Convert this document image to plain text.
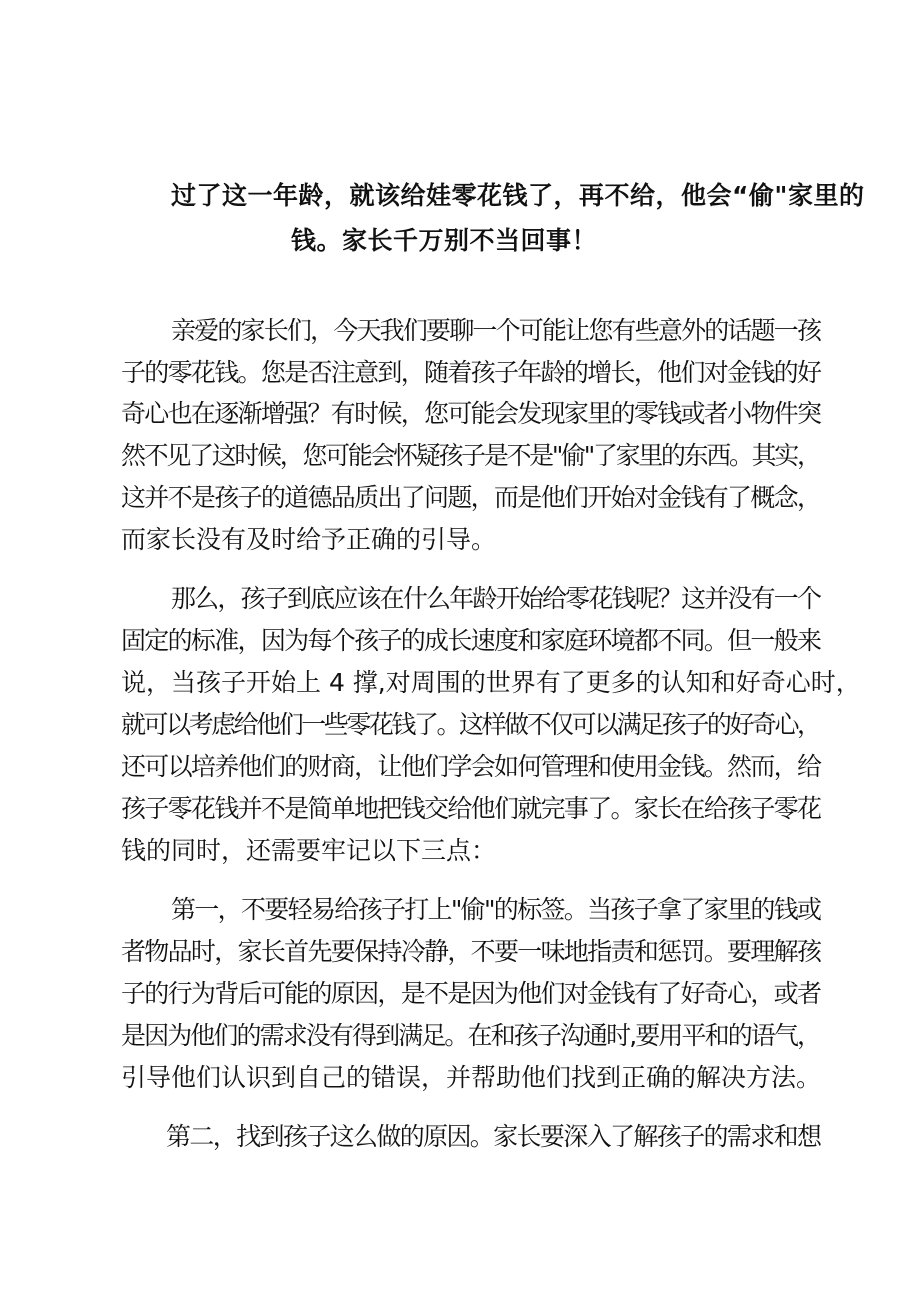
过了这一年龄，就该给娃零花钱了，再不给，他会“偷"家里的
钱。家长千万别不当回事！
亲爱的家长们，今天我们要聊一个可能让您有些意外的话题一孩
子的零花钱。您是否注意到，随着孩子年龄的增长，他们对金钱的好
奇心也在逐渐增强？有时候，您可能会发现家里的零钱或者小物件突
然不见了这时候，您可能会怀疑孩子是不是"偷"了家里的东西。其实，
这并不是孩子的道德品质出了问题，而是他们开始对金钱有了概念，
而家长没有及时给予正确的引导。
那么，孩子到底应该在什么年龄开始给零花钱呢？这并没有一个
固定的标准，因为每个孩子的成长速度和家庭环境都不同。但一般来
说，当孩子开始上 4 撑,对周围的世界有了更多的认知和好奇心时，
就可以考虑给他们一些零花钱了。这样做不仅可以满足孩子的好奇心，
还可以培养他们的财商，让他们学会如何管理和使用金钱。然而，给
孩子零花钱并不是简单地把钱交给他们就完事了。家长在给孩子零花
钱的同时，还需要牢记以下三点：
第一，不要轻易给孩子打上"偷"的标签。当孩子拿了家里的钱或
者物品时，家长首先要保持冷静，不要一味地指责和惩罚。要理解孩
子的行为背后可能的原因，是不是因为他们对金钱有了好奇心，或者
是因为他们的需求没有得到满足。在和孩子沟通时,要用平和的语气，
引导他们认识到自己的错误，并帮助他们找到正确的解决方法。
第二，找到孩子这么做的原因。家长要深入了解孩子的需求和想
